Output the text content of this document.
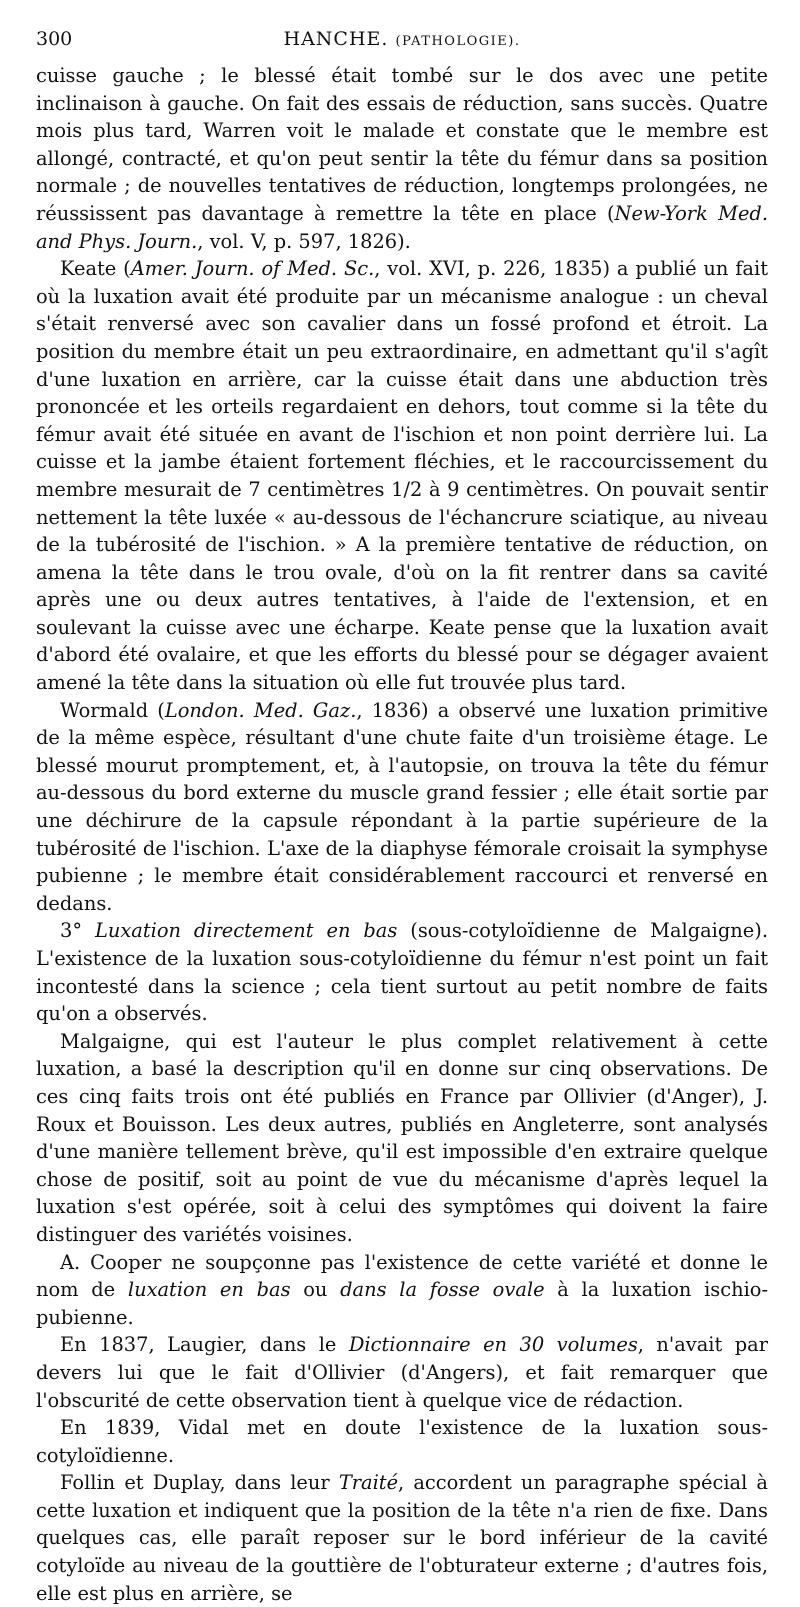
300	HANCHE. (PATHOLOGIE).

cuisse gauche ; le blessé était tombé sur le dos avec une petite inclinaison à gauche. On fait des essais de réduction, sans succès. Quatre mois plus tard, Warren voit le malade et constate que le membre est allongé, contracté, et qu'on peut sentir la tête du fémur dans sa position normale ; de nouvelles tentatives de réduction, longtemps prolongées, ne réussissent pas davantage à remettre la tête en place (New-York Med. and Phys. Journ., vol. V, p. 597, 1826).

Keate (Amer. Journ. of Med. Sc., vol. XVI, p. 226, 1835) a publié un fait où la luxation avait été produite par un mécanisme analogue : un cheval s'était renversé avec son cavalier dans un fossé profond et étroit. La position du membre était un peu extraordinaire, en admettant qu'il s'agît d'une luxation en arrière, car la cuisse était dans une abduction très prononcée et les orteils regardaient en dehors, tout comme si la tête du fémur avait été située en avant de l'ischion et non point derrière lui. La cuisse et la jambe étaient fortement fléchies, et le raccourcissement du membre mesurait de 7 centimètres 1/2 à 9 centimètres. On pouvait sentir nettement la tête luxée « au-dessous de l'échancrure sciatique, au niveau de la tubérosité de l'ischion. » A la première tentative de réduction, on amena la tête dans le trou ovale, d'où on la fit rentrer dans sa cavité après une ou deux autres tentatives, à l'aide de l'extension, et en soulevant la cuisse avec une écharpe. Keate pense que la luxation avait d'abord été ovalaire, et que les efforts du blessé pour se dégager avaient amené la tête dans la situation où elle fut trouvée plus tard.

Wormald (London. Med. Gaz., 1836) a observé une luxation primitive de la même espèce, résultant d'une chute faite d'un troisième étage. Le blessé mourut promptement, et, à l'autopsie, on trouva la tête du fémur au-dessous du bord externe du muscle grand fessier ; elle était sortie par une déchirure de la capsule répondant à la partie supérieure de la tubérosité de l'ischion. L'axe de la diaphyse fémorale croisait la symphyse pubienne ; le membre était considérablement raccourci et renversé en dedans.

3° Luxation directement en bas (sous-cotyloïdienne de Malgaigne). L'existence de la luxation sous-cotyloïdienne du fémur n'est point un fait incontesté dans la science ; cela tient surtout au petit nombre de faits qu'on a observés.

Malgaigne, qui est l'auteur le plus complet relativement à cette luxation, a basé la description qu'il en donne sur cinq observations. De ces cinq faits trois ont été publiés en France par Ollivier (d'Anger), J. Roux et Bouisson. Les deux autres, publiés en Angleterre, sont analysés d'une manière tellement brève, qu'il est impossible d'en extraire quelque chose de positif, soit au point de vue du mécanisme d'après lequel la luxation s'est opérée, soit à celui des symptômes qui doivent la faire distinguer des variétés voisines.

A. Cooper ne soupçonne pas l'existence de cette variété et donne le nom de luxation en bas ou dans la fosse ovale à la luxation ischio-pubienne.

En 1837, Laugier, dans le Dictionnaire en 30 volumes, n'avait par devers lui que le fait d'Ollivier (d'Angers), et fait remarquer que l'obscurité de cette observation tient à quelque vice de rédaction.

En 1839, Vidal met en doute l'existence de la luxation sous-cotyloïdienne.

Follin et Duplay, dans leur Traité, accordent un paragraphe spécial à cette luxation et indiquent que la position de la tête n'a rien de fixe. Dans quelques cas, elle paraît reposer sur le bord inférieur de la cavité cotyloïde au niveau de la gouttière de l'obturateur externe ; d'autres fois, elle est plus en arrière, se
